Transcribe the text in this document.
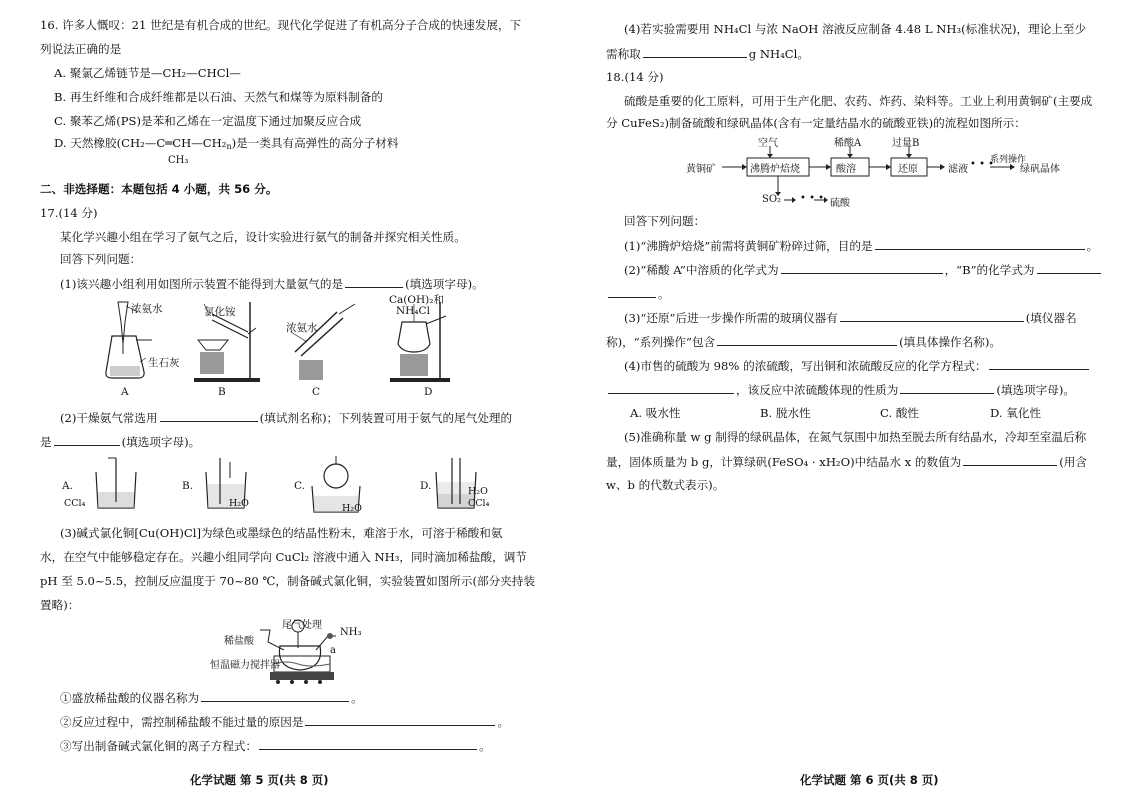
16. 许多人慨叹：21 世纪是有机合成的世纪。现代化学促进了有机高分子合成的快速发展，下
列说法正确的是
A. 聚氯乙烯链节是—CH₂—CHCl—
B. 再生纤维和合成纤维都是以石油、天然气和煤等为原料制备的
C. 聚苯乙烯(PS)是苯和乙烯在一定温度下通过加聚反应合成
D. 天然橡胶$(CH_2—C═CH—CH_2_n)$是一类具有高弹性的高分子材料
CH₃
二、非选择题：本题包括 4 小题，共 56 分。
17.(14 分)
某化学兴趣小组在学习了氨气之后，设计实验进行氨气的制备并探究相关性质。
回答下列问题：
(1)该兴趣小组利用如图所示装置不能得到大量氨气的是	(填选项字母)。
浓氨水
生石灰
氯化铵
浓氨水
Ca(OH)₂和
NH₄Cl
A	B	C	D
(2)干燥氨气常选用	(填试剂名称)；下列装置可用于氨气的尾气处理的
是	(填选项字母)。
A.
CCl₄
B.
H₂O
C.
H₂O
D.	H₂O
CCl₄
(3)碱式氯化铜[Cu(OH)Cl]为绿色或墨绿色的结晶性粉末，难溶于水，可溶于稀酸和氨
水，在空气中能够稳定存在。兴趣小组同学向 CuCl₂ 溶液中通入 NH₃，同时滴加稀盐酸，调节
pH 至 5.0~5.5，控制反应温度于 70~80 ℃，制备碱式氯化铜，实验装置如图所示(部分夹持装
置略)：
尾气处理
稀盐酸
NH₃
a
恒温磁力搅拌器
①盛放稀盐酸的仪器名称为	。
②反应过程中，需控制稀盐酸不能过量的原因是	。
③写出制备碱式氯化铜的离子方程式：	。
化学试题 第 5 页(共 8 页)
(4)若实验需要用 NH₄Cl 与浓 NaOH 溶液反应制备 4.48 L NH₃(标准状况)，理论上至少
需称取	g NH₄Cl。
18.(14 分)
硫酸是重要的化工原料，可用于生产化肥、农药、炸药、染料等。工业上利用黄铜矿(主要成
分 CuFeS₂)制备硫酸和绿矾晶体(含有一定量结晶水的硫酸亚铁)的流程如图所示：
黄铜矿
空气
沸腾炉焙烧
稀酸A
酸溶
过量B
还原	滤液 • • •
系列操作
绿矾晶体
SO₂ • • • 硫酸
回答下列问题：
(1)“沸腾炉焙烧”前需将黄铜矿粉碎过筛，目的是	。
(2)“稀酸 A”中溶质的化学式为	，“B”的化学式为
。
(3)“还原”后进一步操作所需的玻璃仪器有	(填仪器名
称)，“系列操作”包含	(填具体操作名称)。
(4)市售的硫酸为 98% 的浓硫酸，写出铜和浓硫酸反应的化学方程式：
，该反应中浓硫酸体现的性质为	(填选项字母)。
A. 吸水性	B. 脱水性	C. 酸性	D. 氧化性
(5)准确称量 w g 制得的绿矾晶体，在氮气氛围中加热至脱去所有结晶水，冷却至室温后称
量，固体质量为 b g，计算绿矾(FeSO₄ · xH₂O)中结晶水 x 的数值为	(用含
w、b 的代数式表示)。
化学试题 第 6 页(共 8 页)
